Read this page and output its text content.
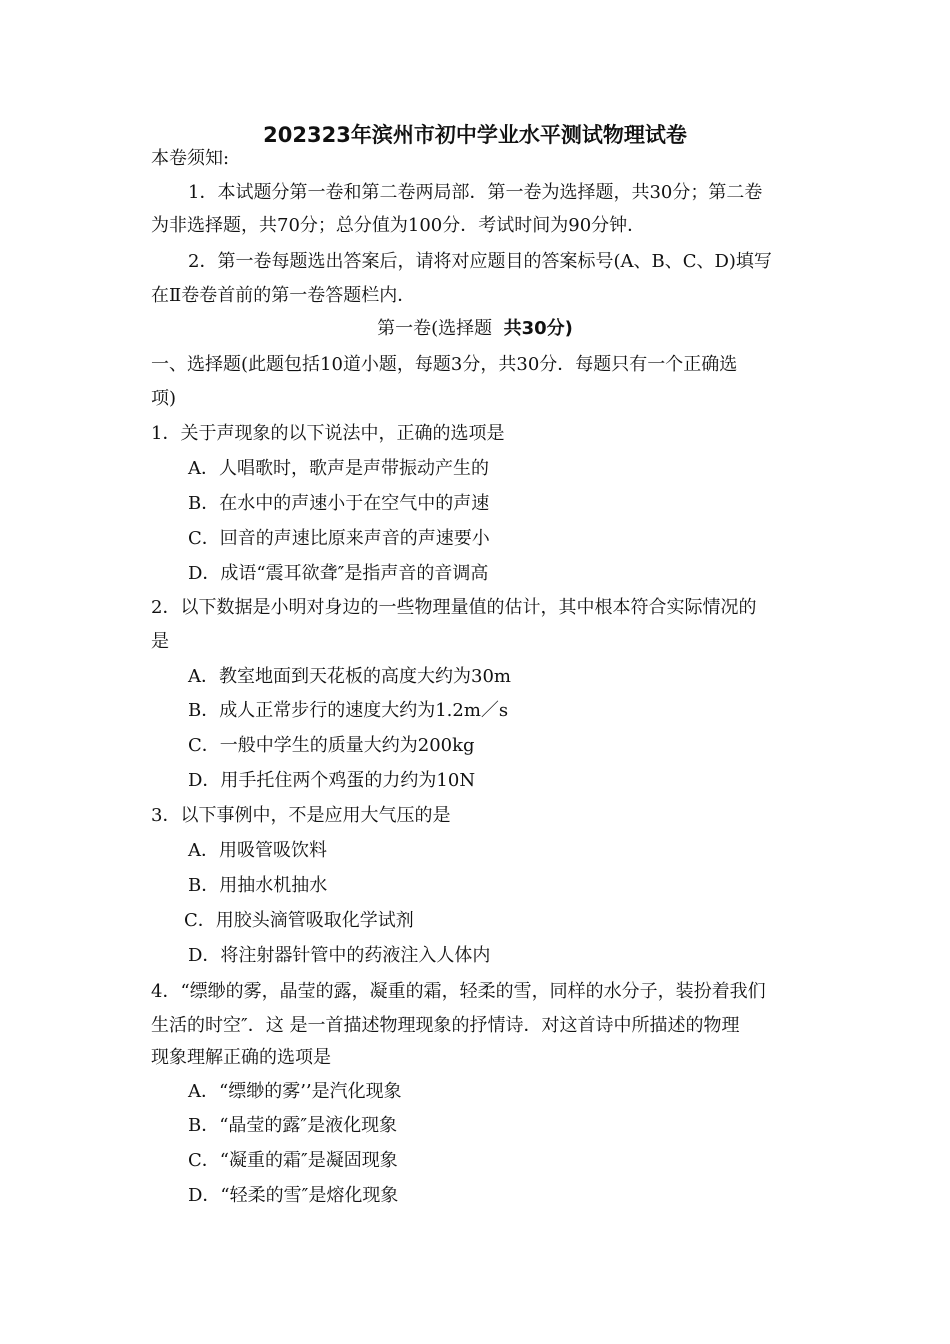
202323年滨州市初中学业水平测试物理试卷
本卷须知:
1．本试题分第一卷和第二卷两局部．第一卷为选择题，共30分；第二卷
为非选择题，共70分；总分值为100分．考试时间为90分钟．
2．第一卷每题选出答案后，请将对应题目的答案标号(A、B、C、D)填写
在Ⅱ卷卷首前的第一卷答题栏内．
第一卷(选择题 共30分)
一、选择题(此题包括10道小题，每题3分，共30分．每题只有一个正确选
项)
1．关于声现象的以下说法中，正确的选项是
A．人唱歌时，歌声是声带振动产生的
B．在水中的声速小于在空气中的声速
C．回音的声速比原来声音的声速要小
D．成语“震耳欲聋″是指声音的音调高
2．以下数据是小明对身边的一些物理量值的估计，其中根本符合实际情况的
是
A．教室地面到天花板的高度大约为30m
B．成人正常步行的速度大约为1.2m／s
C．一般中学生的质量大约为200kg
D．用手托住两个鸡蛋的力约为10N
3．以下事例中，不是应用大气压的是
A．用吸管吸饮料
B．用抽水机抽水
C．用胶头滴管吸取化学试剂
D．将注射器针管中的药液注入人体内
4．“缥缈的雾，晶莹的露，凝重的霜，轻柔的雪，同样的水分子，装扮着我们
生活的时空″．这 是一首描述物理现象的抒情诗．对这首诗中所描述的物理
现象理解正确的选项是
A．“缥缈的雾’’是汽化现象
B．“晶莹的露″是液化现象
C．“凝重的霜″是凝固现象
D．“轻柔的雪″是熔化现象
